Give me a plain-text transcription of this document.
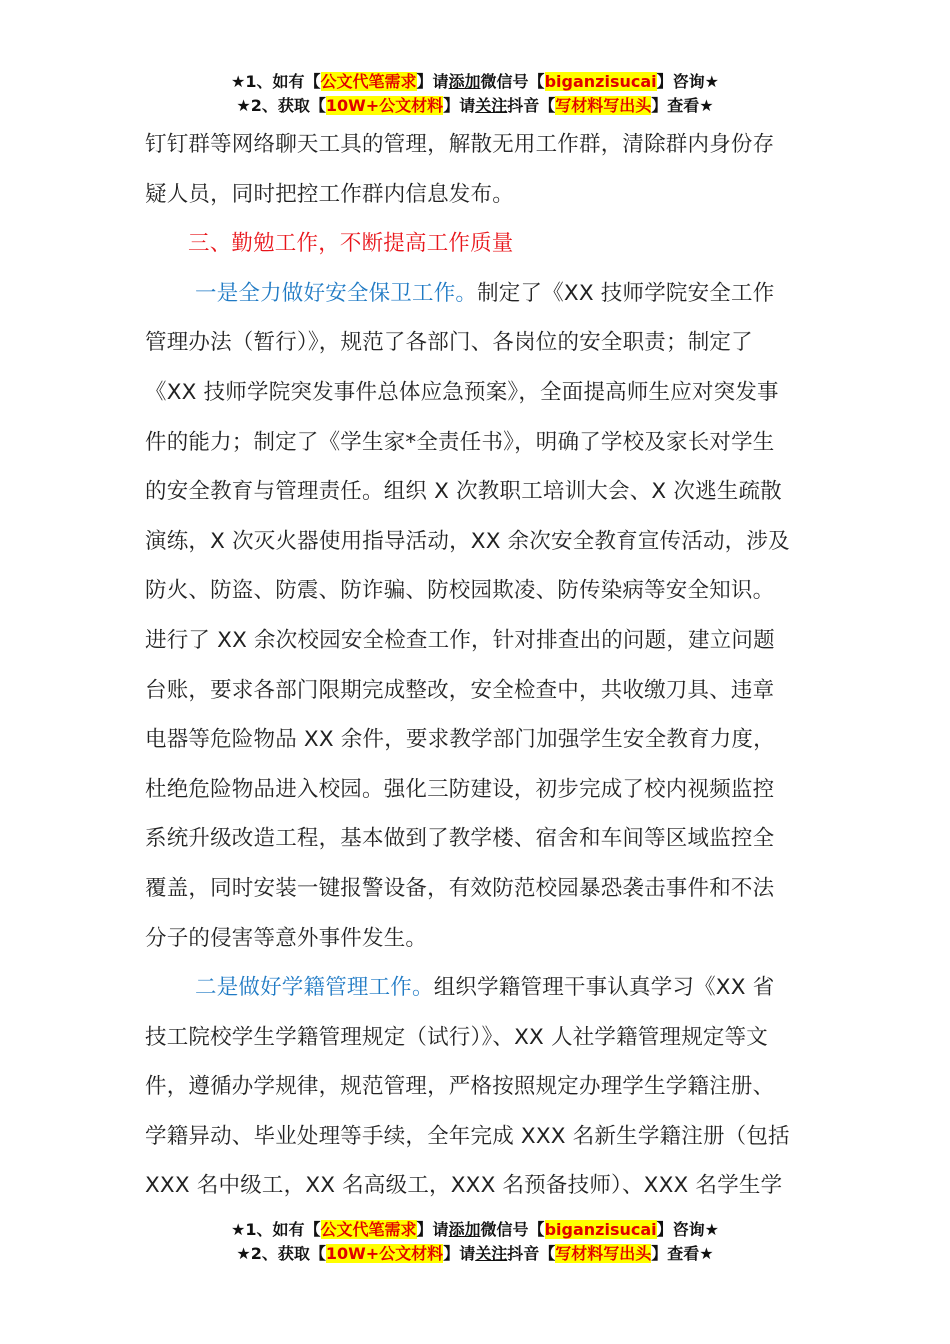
★1、如有【公文代笔需求】请添加微信号【biganzisucai】咨询★
★2、获取【10W+公文材料】请关注抖音【写材料写出头】查看★
钉钉群等网络聊天工具的管理，解散无用工作群，清除群内身份存
疑人员，同时把控工作群内信息发布。
三、勤勉工作，不断提高工作质量
一是全力做好安全保卫工作。制定了《XX 技师学院安全工作
管理办法（暂行）》，规范了各部门、各岗位的安全职责；制定了
《XX 技师学院突发事件总体应急预案》，全面提高师生应对突发事
件的能力；制定了《学生家*全责任书》，明确了学校及家长对学生
的安全教育与管理责任。组织 X 次教职工培训大会、X 次逃生疏散
演练，X 次灭火器使用指导活动，XX 余次安全教育宣传活动，涉及
防火、防盗、防震、防诈骗、防校园欺凌、防传染病等安全知识。
进行了 XX 余次校园安全检查工作，针对排查出的问题，建立问题
台账，要求各部门限期完成整改，安全检查中，共收缴刀具、违章
电器等危险物品 XX 余件，要求教学部门加强学生安全教育力度，
杜绝危险物品进入校园。强化三防建设，初步完成了校内视频监控
系统升级改造工程，基本做到了教学楼、宿舍和车间等区域监控全
覆盖，同时安装一键报警设备，有效防范校园暴恐袭击事件和不法
分子的侵害等意外事件发生。
二是做好学籍管理工作。组织学籍管理干事认真学习《XX 省
技工院校学生学籍管理规定（试行）》、XX 人社学籍管理规定等文
件，遵循办学规律，规范管理，严格按照规定办理学生学籍注册、
学籍异动、毕业处理等手续，全年完成 XXX 名新生学籍注册（包括
XXX 名中级工，XX 名高级工，XXX 名预备技师）、XXX 名学生学
★1、如有【公文代笔需求】请添加微信号【biganzisucai】咨询★
★2、获取【10W+公文材料】请关注抖音【写材料写出头】查看★
